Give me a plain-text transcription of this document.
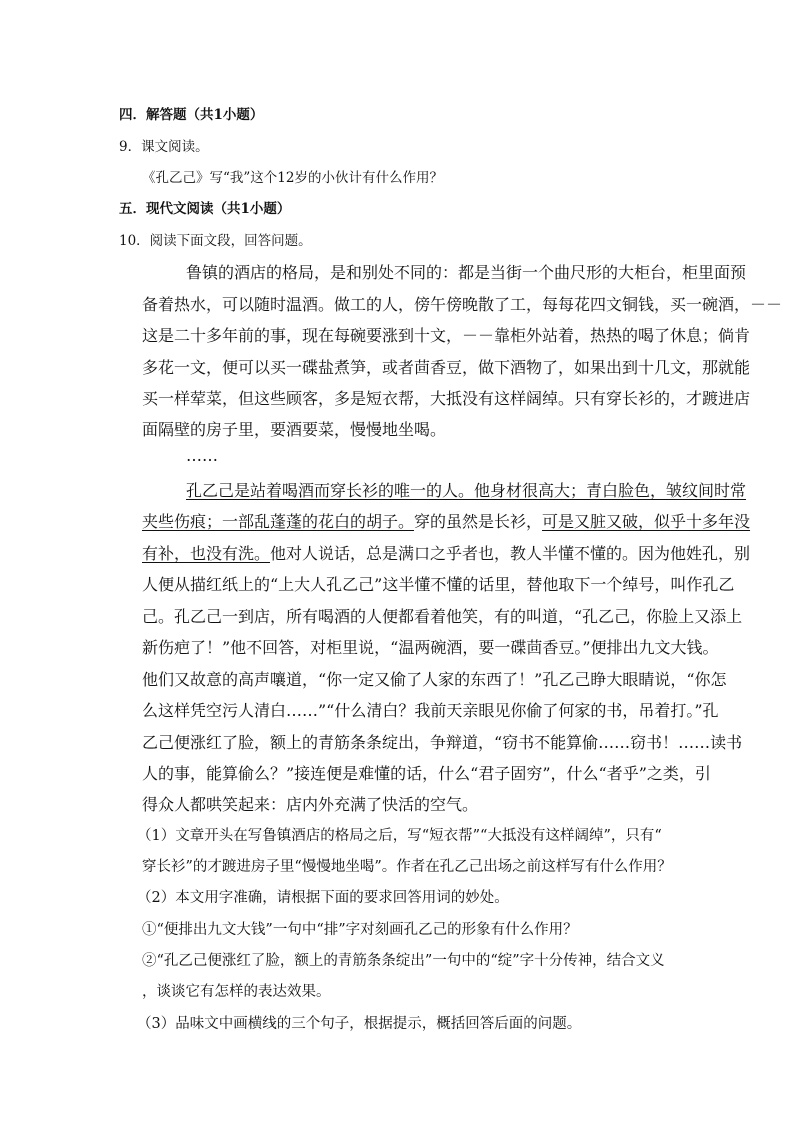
四．解答题（共1小题）
9．课文阅读。
《孔乙己》写“我”这个12岁的小伙计有什么作用？
五．现代文阅读（共1小题）
10．阅读下面文段，回答问题。
鲁镇的酒店的格局，是和别处不同的：都是当街一个曲尺形的大柜台，柜里面预
备着热水，可以随时温酒。做工的人，傍午傍晚散了工，每每花四文铜钱，买一碗酒，－－
这是二十多年前的事，现在每碗要涨到十文，－－靠柜外站着，热热的喝了休息；倘肯
多花一文，便可以买一碟盐煮笋，或者茴香豆，做下酒物了，如果出到十几文，那就能
买一样荤菜，但这些顾客，多是短衣帮，大抵没有这样阔绰。只有穿长衫的，才踱进店
面隔壁的房子里，要酒要菜，慢慢地坐喝。
……
孔乙己是站着喝酒而穿长衫的唯一的人。他身材很高大；青白脸色，皱纹间时常
夹些伤痕；一部乱蓬蓬的花白的胡子。穿的虽然是长衫，可是又脏又破，似乎十多年没
有补，也没有洗。他对人说话，总是满口之乎者也，教人半懂不懂的。因为他姓孔，别
人便从描红纸上的“上大人孔乙己”这半懂不懂的话里，替他取下一个绰号，叫作孔乙
己。孔乙己一到店，所有喝酒的人便都看着他笑，有的叫道，“孔乙己，你脸上又添上
新伤疤了！”他不回答，对柜里说，“温两碗酒，要一碟茴香豆。”便排出九文大钱。
他们又故意的高声嚷道，“你一定又偷了人家的东西了！”孔乙己睁大眼睛说，“你怎
么这样凭空污人清白……”“什么清白？我前天亲眼见你偷了何家的书，吊着打。”孔
乙己便涨红了脸，额上的青筋条条绽出，争辩道，“窃书不能算偷……窃书！……读书
人的事，能算偷么？”接连便是难懂的话，什么“君子固穷”，什么“者乎”之类，引
得众人都哄笑起来：店内外充满了快活的空气。
（1）文章开头在写鲁镇酒店的格局之后，写“短衣帮”“大抵没有这样阔绰”，只有“
穿长衫”的才踱进房子里“慢慢地坐喝”。作者在孔乙己出场之前这样写有什么作用？
（2）本文用字准确，请根据下面的要求回答用词的妙处。
①“便排出九文大钱”一句中“排”字对刻画孔乙己的形象有什么作用？
②“孔乙己便涨红了脸，额上的青筋条条绽出”一句中的“绽”字十分传神，结合文义
，谈谈它有怎样的表达效果。
（3）品味文中画横线的三个句子，根据提示，概括回答后面的问题。
